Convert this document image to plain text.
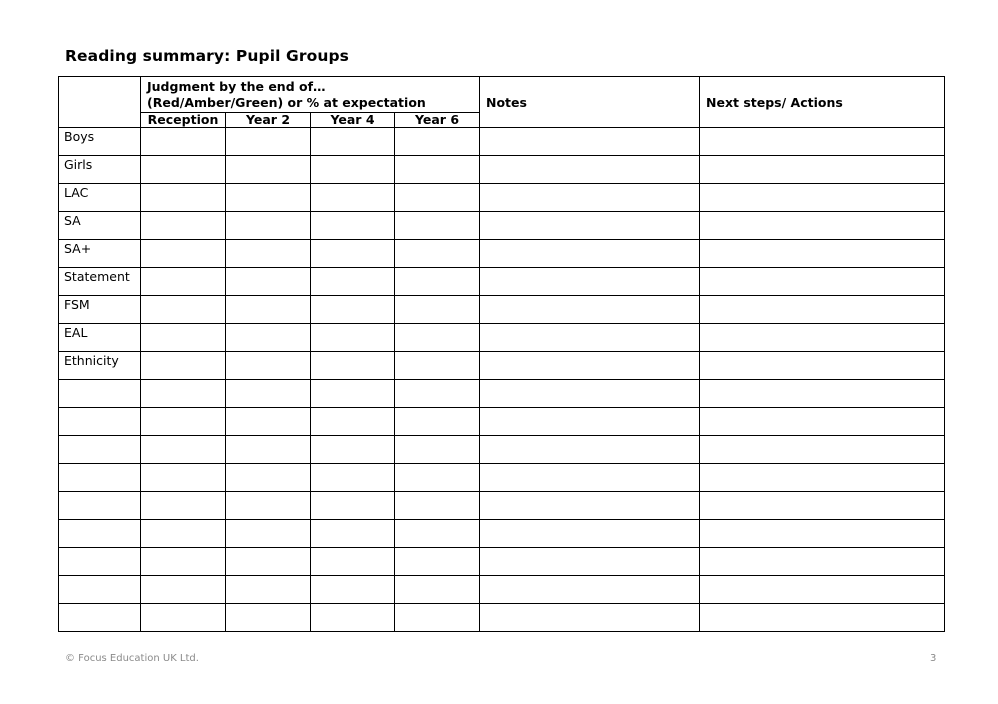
Reading summary: Pupil Groups

	Judgment by the end of…
(Red/Amber/Green) or % at expectation				Notes	Next steps/ Actions
	Reception	Year 2	Year 4	Year 6		
Boys						
Girls						
LAC						
SA						
SA+						
Statement						
FSM						
EAL						
Ethnicity						

© Focus Education UK Ltd.	3
